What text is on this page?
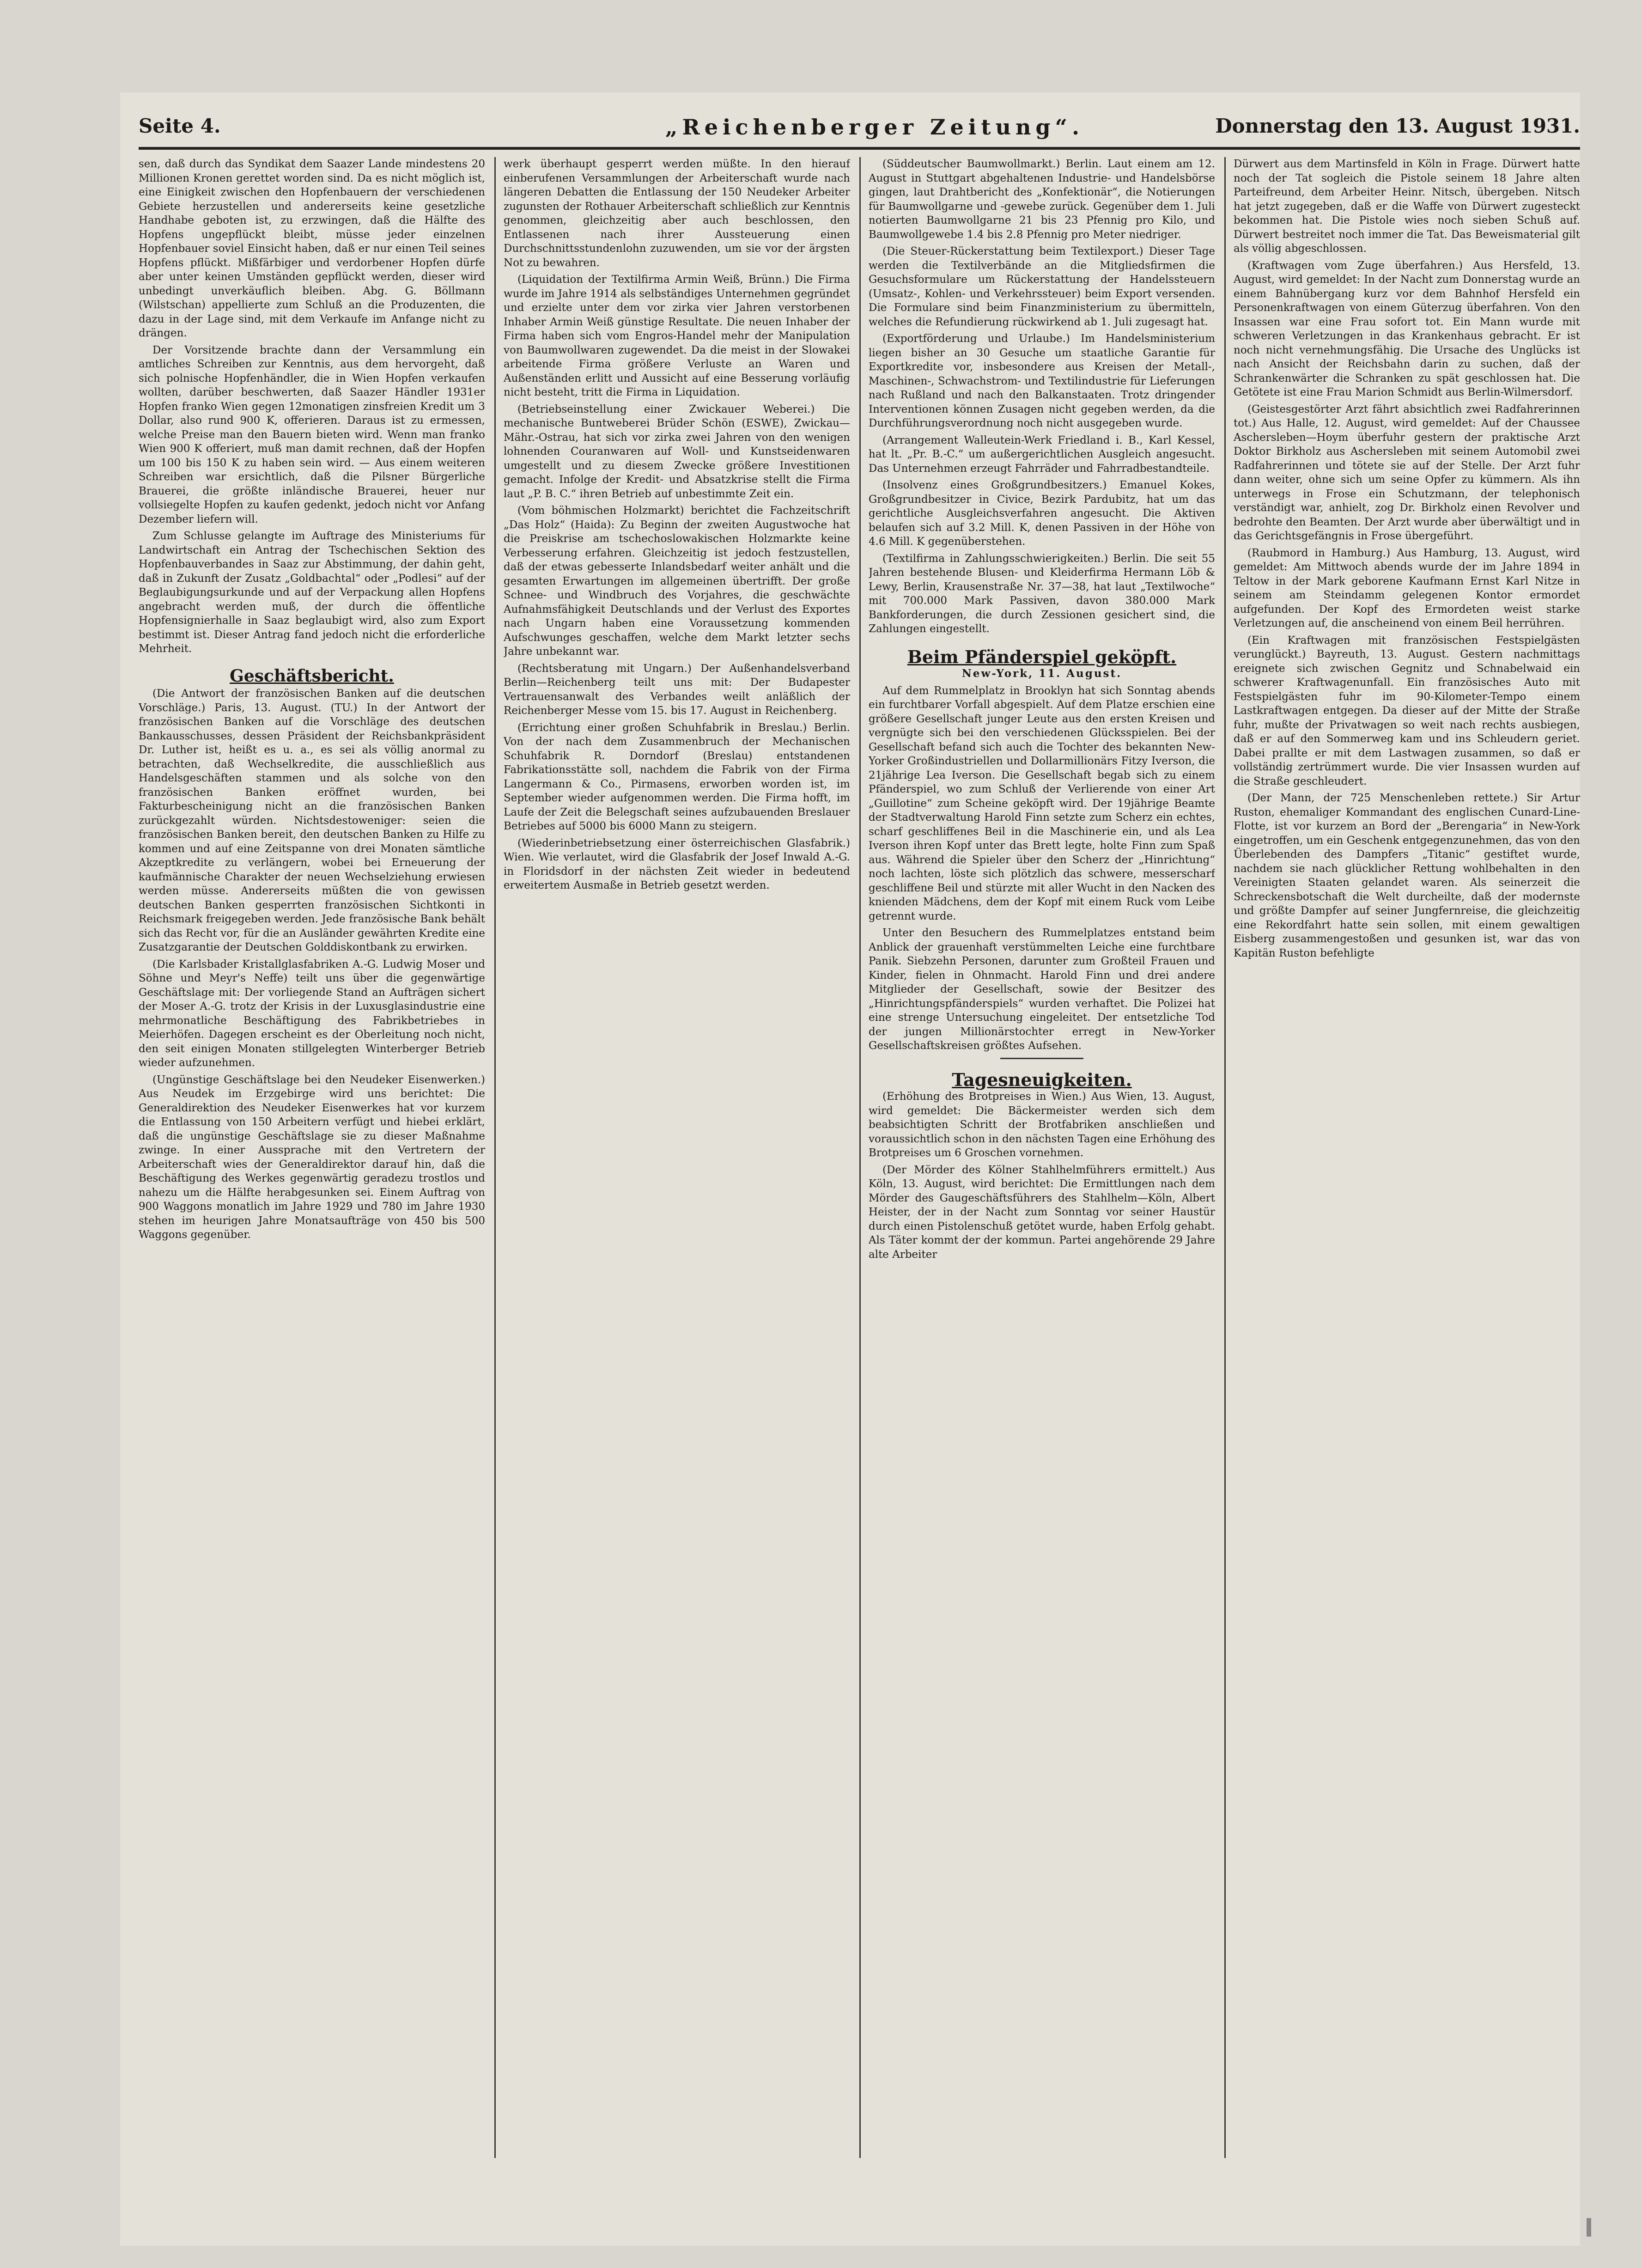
Seite 4.	„Reichenberger Zeitung“.	Donnerstag den 13. August 1931.

sen, daß durch das Syndikat dem Saazer Lande mindestens 20 Millionen Kronen gerettet worden sind. Da es nicht möglich ist, eine Einigkeit zwischen den Hopfenbauern der verschiedenen Gebiete herzustellen und andererseits keine gesetzliche Handhabe geboten ist, zu erzwingen, daß die Hälfte des Hopfens ungepflückt bleibt, müsse jeder einzelnen Hopfenbauer soviel Einsicht haben, daß er nur einen Teil seines Hopfens pflückt. Mißfärbiger und verdorbener Hopfen dürfe aber unter keinen Umständen gepflückt werden, dieser wird unbedingt unverkäuflich bleiben. Abg. G. Böllmann (Wilstschan) appellierte zum Schluß an die Produzenten, die dazu in der Lage sind, mit dem Verkaufe im Anfange nicht zu drängen.

Der Vorsitzende brachte dann der Versammlung ein amtliches Schreiben zur Kenntnis, aus dem hervorgeht, daß sich polnische Hopfenhändler, die in Wien Hopfen verkaufen wollten, darüber beschwerten, daß Saazer Händler 1931er Hopfen franko Wien gegen 12monatigen zinsfreien Kredit um 3 Dollar, also rund 900 K, offerieren. Daraus ist zu ermessen, welche Preise man den Bauern bieten wird. Wenn man franko Wien 900 K offeriert, muß man damit rechnen, daß der Hopfen um 100 bis 150 K zu haben sein wird. — Aus einem weiteren Schreiben war ersichtlich, daß die Pilsner Bürgerliche Brauerei, die größte inländische Brauerei, heuer nur vollsiegelte Hopfen zu kaufen gedenkt, jedoch nicht vor Anfang Dezember liefern will.

Zum Schlusse gelangte im Auftrage des Ministeriums für Landwirtschaft ein Antrag der Tschechischen Sektion des Hopfenbauverbandes in Saaz zur Abstimmung, der dahin geht, daß in Zukunft der Zusatz „Goldbachtal“ oder „Podlesi“ auf der Beglaubigungsurkunde und auf der Verpackung allen Hopfens angebracht werden muß, der durch die öffentliche Hopfensignierhalle in Saaz beglaubigt wird, also zum Export bestimmt ist. Dieser Antrag fand jedoch nicht die erforderliche Mehrheit.

Geschäftsbericht.

(Die Antwort der französischen Banken auf die deutschen Vorschläge.) Paris, 13. August. (TU.) In der Antwort der französischen Banken auf die Vorschläge des deutschen Bankausschusses, dessen Präsident der Reichsbankpräsident Dr. Luther ist, heißt es u. a., es sei als völlig anormal zu betrachten, daß Wechselkredite, die ausschließlich aus Handelsgeschäften stammen und als solche von den französischen Banken eröffnet wurden, bei Fakturbescheinigung nicht an die französischen Banken zurückgezahlt würden. Nichtsdestoweniger: seien die französischen Banken bereit, den deutschen Banken zu Hilfe zu kommen und auf eine Zeitspanne von drei Monaten sämtliche Akzeptkredite zu verlängern, wobei bei Erneuerung der kaufmännische Charakter der neuen Wechselziehung erwiesen werden müsse. Andererseits müßten die von gewissen deutschen Banken gesperrten französischen Sichtkonti in Reichsmark freigegeben werden. Jede französische Bank behält sich das Recht vor, für die an Ausländer gewährten Kredite eine Zusatzgarantie der Deutschen Golddiskontbank zu erwirken.

(Die Karlsbader Kristallglasfabriken A.-G. Ludwig Moser und Söhne und Meyr's Neffe) teilt uns über die gegenwärtige Geschäftslage mit: Der vorliegende Stand an Aufträgen sichert der Moser A.-G. trotz der Krisis in der Luxusglasindustrie eine mehrmonatliche Beschäftigung des Fabrikbetriebes in Meierhöfen. Dagegen erscheint es der Oberleitung noch nicht, den seit einigen Monaten stillgelegten Winterberger Betrieb wieder aufzunehmen.

(Ungünstige Geschäftslage bei den Neudeker Eisenwerken.) Aus Neudek im Erzgebirge wird uns berichtet: Die Generaldirektion des Neudeker Eisenwerkes hat vor kurzem die Entlassung von 150 Arbeitern verfügt und hiebei erklärt, daß die ungünstige Geschäftslage sie zu dieser Maßnahme zwinge. In einer Aussprache mit den Vertretern der Arbeiterschaft wies der Generaldirektor darauf hin, daß die Beschäftigung des Werkes gegenwärtig geradezu trostlos und nahezu um die Hälfte herabgesunken sei. Einem Auftrag von 900 Waggons monatlich im Jahre 1929 und 780 im Jahre 1930 stehen im heurigen Jahre Monatsaufträge von 450 bis 500 Waggons gegenüber.

werk überhaupt gesperrt werden müßte. In den hierauf einberufenen Versammlungen der Arbeiterschaft wurde nach längeren Debatten die Entlassung der 150 Neudeker Arbeiter zugunsten der Rothauer Arbeiterschaft schließlich zur Kenntnis genommen, gleichzeitig aber auch beschlossen, den Entlassenen nach ihrer Aussteuerung einen Durchschnittsstundenlohn zuzuwenden, um sie vor der ärgsten Not zu bewahren.

(Liquidation der Textilfirma Armin Weiß, Brünn.) Die Firma wurde im Jahre 1914 als selbständiges Unternehmen gegründet und erzielte unter dem vor zirka vier Jahren verstorbenen Inhaber Armin Weiß günstige Resultate. Die neuen Inhaber der Firma haben sich vom Engros-Handel mehr der Manipulation von Baumwollwaren zugewendet. Da die meist in der Slowakei arbeitende Firma größere Verluste an Waren und Außenständen erlitt und Aussicht auf eine Besserung vorläufig nicht besteht, tritt die Firma in Liquidation.

(Betriebseinstellung einer Zwickauer Weberei.) Die mechanische Buntweberei Brüder Schön (ESWE), Zwickau—Mähr.-Ostrau, hat sich vor zirka zwei Jahren von den wenigen lohnenden Couranwaren auf Woll- und Kunstseidenwaren umgestellt und zu diesem Zwecke größere Investitionen gemacht. Infolge der Kredit- und Absatzkrise stellt die Firma laut „P. B. C.“ ihren Betrieb auf unbestimmte Zeit ein.

(Vom böhmischen Holzmarkt) berichtet die Fachzeitschrift „Das Holz“ (Haida): Zu Beginn der zweiten Augustwoche hat die Preiskrise am tschechoslowakischen Holzmarkte keine Verbesserung erfahren. Gleichzeitig ist jedoch festzustellen, daß der etwas gebesserte Inlandsbedarf weiter anhält und die gesamten Erwartungen im allgemeinen übertrifft. Der große Schnee- und Windbruch des Vorjahres, die geschwächte Aufnahmsfähigkeit Deutschlands und der Verlust des Exportes nach Ungarn haben eine Voraussetzung kommenden Aufschwunges geschaffen, welche dem Markt letzter sechs Jahre unbekannt war.

(Rechtsberatung mit Ungarn.) Der Außenhandelsverband Berlin—Reichenberg teilt uns mit: Der Budapester Vertrauensanwalt des Verbandes weilt anläßlich der Reichenberger Messe vom 15. bis 17. August in Reichenberg.

(Errichtung einer großen Schuhfabrik in Breslau.) Berlin. Von der nach dem Zusammenbruch der Mechanischen Schuhfabrik R. Dorndorf (Breslau) entstandenen Fabrikationsstätte soll, nachdem die Fabrik von der Firma Langermann & Co., Pirmasens, erworben worden ist, im September wieder aufgenommen werden. Die Firma hofft, im Laufe der Zeit die Belegschaft seines aufzubauenden Breslauer Betriebes auf 5000 bis 6000 Mann zu steigern.

(Wiederinbetriebsetzung einer österreichischen Glasfabrik.) Wien. Wie verlautet, wird die Glasfabrik der Josef Inwald A.-G. in Floridsdorf in der nächsten Zeit wieder in bedeutend erweitertem Ausmaße in Betrieb gesetzt werden.

(Süddeutscher Baumwollmarkt.) Berlin. Laut einem am 12. August in Stuttgart abgehaltenen Industrie- und Handelsbörse gingen, laut Drahtbericht des „Konfektionär“, die Notierungen für Baumwollgarne und -gewebe zurück. Gegenüber dem 1. Juli notierten Baumwollgarne 21 bis 23 Pfennig pro Kilo, und Baumwollgewebe 1.4 bis 2.8 Pfennig pro Meter niedriger.

(Die Steuer-Rückerstattung beim Textilexport.) Dieser Tage werden die Textilverbände an die Mitgliedsfirmen die Gesuchsformulare um Rückerstattung der Handelssteuern (Umsatz-, Kohlen- und Verkehrssteuer) beim Export versenden. Die Formulare sind beim Finanzministerium zu übermitteln, welches die Refundierung rückwirkend ab 1. Juli zugesagt hat.

(Exportförderung und Urlaube.) Im Handelsministerium liegen bisher an 30 Gesuche um staatliche Garantie für Exportkredite vor, insbesondere aus Kreisen der Metall-, Maschinen-, Schwachstrom- und Textilindustrie für Lieferungen nach Rußland und nach den Balkanstaaten. Trotz dringender Interventionen können Zusagen nicht gegeben werden, da die Durchführungsverordnung noch nicht ausgegeben wurde.

(Arrangement Walleutein-Werk Friedland i. B., Karl Kessel, hat lt. „Pr. B.-C.“ um außergerichtlichen Ausgleich angesucht. Das Unternehmen erzeugt Fahrräder und Fahrradbestandteile.

(Insolvenz eines Großgrundbesitzers.) Emanuel Kokes, Großgrundbesitzer in Civice, Bezirk Pardubitz, hat um das gerichtliche Ausgleichsverfahren angesucht. Die Aktiven belaufen sich auf 3.2 Mill. K, denen Passiven in der Höhe von 4.6 Mill. K gegenüberstehen.

(Textilfirma in Zahlungsschwierigkeiten.) Berlin. Die seit 55 Jahren bestehende Blusen- und Kleiderfirma Hermann Löb & Lewy, Berlin, Krausenstraße Nr. 37—38, hat laut „Textilwoche“ mit 700.000 Mark Passiven, davon 380.000 Mark Bankforderungen, die durch Zessionen gesichert sind, die Zahlungen eingestellt.

Beim Pfänderspiel geköpft.
New-York, 11. August.

Auf dem Rummelplatz in Brooklyn hat sich Sonntag abends ein furchtbarer Vorfall abgespielt. Auf dem Platze erschien eine größere Gesellschaft junger Leute aus den ersten Kreisen und vergnügte sich bei den verschiedenen Glücksspielen. Bei der Gesellschaft befand sich auch die Tochter des bekannten New-Yorker Großindustriellen und Dollarmillionärs Fitzy Iverson, die 21jährige Lea Iverson. Die Gesellschaft begab sich zu einem Pfänderspiel, wo zum Schluß der Verlierende von einer Art „Guillotine“ zum Scheine geköpft wird. Der 19jährige Beamte der Stadtverwaltung Harold Finn setzte zum Scherz ein echtes, scharf geschliffenes Beil in die Maschinerie ein, und als Lea Iverson ihren Kopf unter das Brett legte, holte Finn zum Spaß aus. Während die Spieler über den Scherz der „Hinrichtung“ noch lachten, löste sich plötzlich das schwere, messerscharf geschliffene Beil und stürzte mit aller Wucht in den Nacken des knienden Mädchens, dem der Kopf mit einem Ruck vom Leibe getrennt wurde.

Unter den Besuchern des Rummelplatzes entstand beim Anblick der grauenhaft verstümmelten Leiche eine furchtbare Panik. Siebzehn Personen, darunter zum Großteil Frauen und Kinder, fielen in Ohnmacht. Harold Finn und drei andere Mitglieder der Gesellschaft, sowie der Besitzer des „Hinrichtungspfänderspiels“ wurden verhaftet. Die Polizei hat eine strenge Untersuchung eingeleitet. Der entsetzliche Tod der jungen Millionärstochter erregt in New-Yorker Gesellschaftskreisen größtes Aufsehen.

Tagesneuigkeiten.

(Erhöhung des Brotpreises in Wien.) Aus Wien, 13. August, wird gemeldet: Die Bäckermeister werden sich dem beabsichtigten Schritt der Brotfabriken anschließen und voraussichtlich schon in den nächsten Tagen eine Erhöhung des Brotpreises um 6 Groschen vornehmen.

(Der Mörder des Kölner Stahlhelmführers ermittelt.) Aus Köln, 13. August, wird berichtet: Die Ermittlungen nach dem Mörder des Gaugeschäftsführers des Stahlhelm—Köln, Albert Heister, der in der Nacht zum Sonntag vor seiner Haustür durch einen Pistolenschuß getötet wurde, haben Erfolg gehabt. Als Täter kommt der der kommun. Partei angehörende 29 Jahre alte Arbeiter

Dürwert aus dem Martinsfeld in Köln in Frage. Dürwert hatte noch der Tat sogleich die Pistole seinem 18 Jahre alten Parteifreund, dem Arbeiter Heinr. Nitsch, übergeben. Nitsch hat jetzt zugegeben, daß er die Waffe von Dürwert zugesteckt bekommen hat. Die Pistole wies noch sieben Schuß auf. Dürwert bestreitet noch immer die Tat. Das Beweismaterial gilt als völlig abgeschlossen.

(Kraftwagen vom Zuge überfahren.) Aus Hersfeld, 13. August, wird gemeldet: In der Nacht zum Donnerstag wurde an einem Bahnübergang kurz vor dem Bahnhof Hersfeld ein Personenkraftwagen von einem Güterzug überfahren. Von den Insassen war eine Frau sofort tot. Ein Mann wurde mit schweren Verletzungen in das Krankenhaus gebracht. Er ist noch nicht vernehmungsfähig. Die Ursache des Unglücks ist nach Ansicht der Reichsbahn darin zu suchen, daß der Schrankenwärter die Schranken zu spät geschlossen hat. Die Getötete ist eine Frau Marion Schmidt aus Berlin-Wilmersdorf.

(Geistesgestörter Arzt fährt absichtlich zwei Radfahrerinnen tot.) Aus Halle, 12. August, wird gemeldet: Auf der Chaussee Aschersleben—Hoym überfuhr gestern der praktische Arzt Doktor Birkholz aus Aschersleben mit seinem Automobil zwei Radfahrerinnen und tötete sie auf der Stelle. Der Arzt fuhr dann weiter, ohne sich um seine Opfer zu kümmern. Als ihn unterwegs in Frose ein Schutzmann, der telephonisch verständigt war, anhielt, zog Dr. Birkholz einen Revolver und bedrohte den Beamten. Der Arzt wurde aber überwältigt und in das Gerichtsgefängnis in Frose übergeführt.

(Raubmord in Hamburg.) Aus Hamburg, 13. August, wird gemeldet: Am Mittwoch abends wurde der im Jahre 1894 in Teltow in der Mark geborene Kaufmann Ernst Karl Nitze in seinem am Steindamm gelegenen Kontor ermordet aufgefunden. Der Kopf des Ermordeten weist starke Verletzungen auf, die anscheinend von einem Beil herrühren.

(Ein Kraftwagen mit französischen Festspielgästen verunglückt.) Bayreuth, 13. August. Gestern nachmittags ereignete sich zwischen Gegnitz und Schnabelwaid ein schwerer Kraftwagenunfall. Ein französisches Auto mit Festspielgästen fuhr im 90-Kilometer-Tempo einem Lastkraftwagen entgegen. Da dieser auf der Mitte der Straße fuhr, mußte der Privatwagen so weit nach rechts ausbiegen, daß er auf den Sommerweg kam und ins Schleudern geriet. Dabei prallte er mit dem Lastwagen zusammen, so daß er vollständig zertrümmert wurde. Die vier Insassen wurden auf die Straße geschleudert.

(Der Mann, der 725 Menschenleben rettete.) Sir Artur Ruston, ehemaliger Kommandant des englischen Cunard-Line-Flotte, ist vor kurzem an Bord der „Berengaria“ in New-York eingetroffen, um ein Geschenk entgegenzunehmen, das von den Überlebenden des Dampfers „Titanic“ gestiftet wurde, nachdem sie nach glücklicher Rettung wohlbehalten in den Vereinigten Staaten gelandet waren. Als seinerzeit die Schreckensbotschaft die Welt durcheilte, daß der modernste und größte Dampfer auf seiner Jungfernreise, die gleichzeitig eine Rekordfahrt hatte sein sollen, mit einem gewaltigen Eisberg zusammengestoßen und gesunken ist, war das von Kapitän Ruston befehligte
